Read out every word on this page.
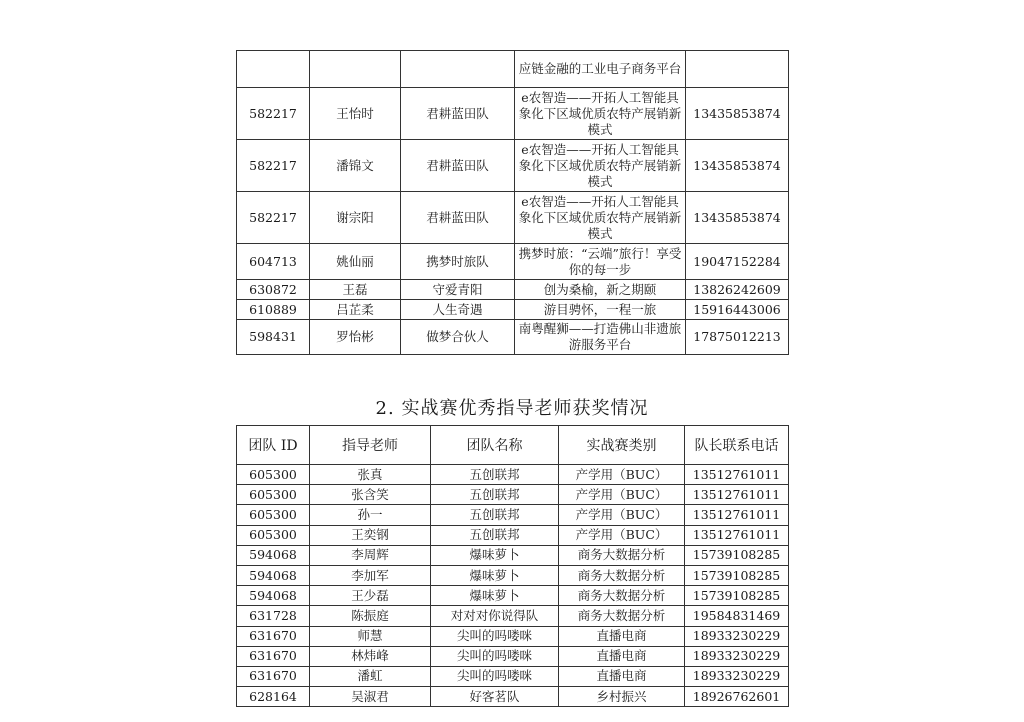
			应链金融的工业电子商务平台	
582217	王怡时	君耕蓝田队	e农智造——开拓人工智能具象化下区域优质农特产展销新模式	13435853874
582217	潘锦文	君耕蓝田队	e农智造——开拓人工智能具象化下区域优质农特产展销新模式	13435853874
582217	谢宗阳	君耕蓝田队	e农智造——开拓人工智能具象化下区域优质农特产展销新模式	13435853874
604713	姚仙丽	携梦时旅队	携梦时旅：“云端”旅行！享受你的每一步	19047152284
630872	王磊	守爱青阳	创为桑榆，新之期颐	13826242609
610889	吕芷柔	人生奇遇	游目骋怀，一程一旅	15916443006
598431	罗怡彬	做梦合伙人	南粤醒狮——打造佛山非遗旅游服务平台	17875012213
2. 实战赛优秀指导老师获奖情况
团队 ID	指导老师	团队名称	实战赛类别	队长联系电话
605300	张真	五创联邦	产学用（BUC）	13512761011
605300	张含笑	五创联邦	产学用（BUC）	13512761011
605300	孙一	五创联邦	产学用（BUC）	13512761011
605300	王奕钢	五创联邦	产学用（BUC）	13512761011
594068	李周辉	爆味萝卜	商务大数据分析	15739108285
594068	李加军	爆味萝卜	商务大数据分析	15739108285
594068	王少磊	爆味萝卜	商务大数据分析	15739108285
631728	陈振庭	对对对你说得队	商务大数据分析	19584831469
631670	师慧	尖叫的吗喽咪	直播电商	18933230229
631670	林炜峰	尖叫的吗喽咪	直播电商	18933230229
631670	潘虹	尖叫的吗喽咪	直播电商	18933230229
628164	吴淑君	好客茗队	乡村振兴	18926762601
